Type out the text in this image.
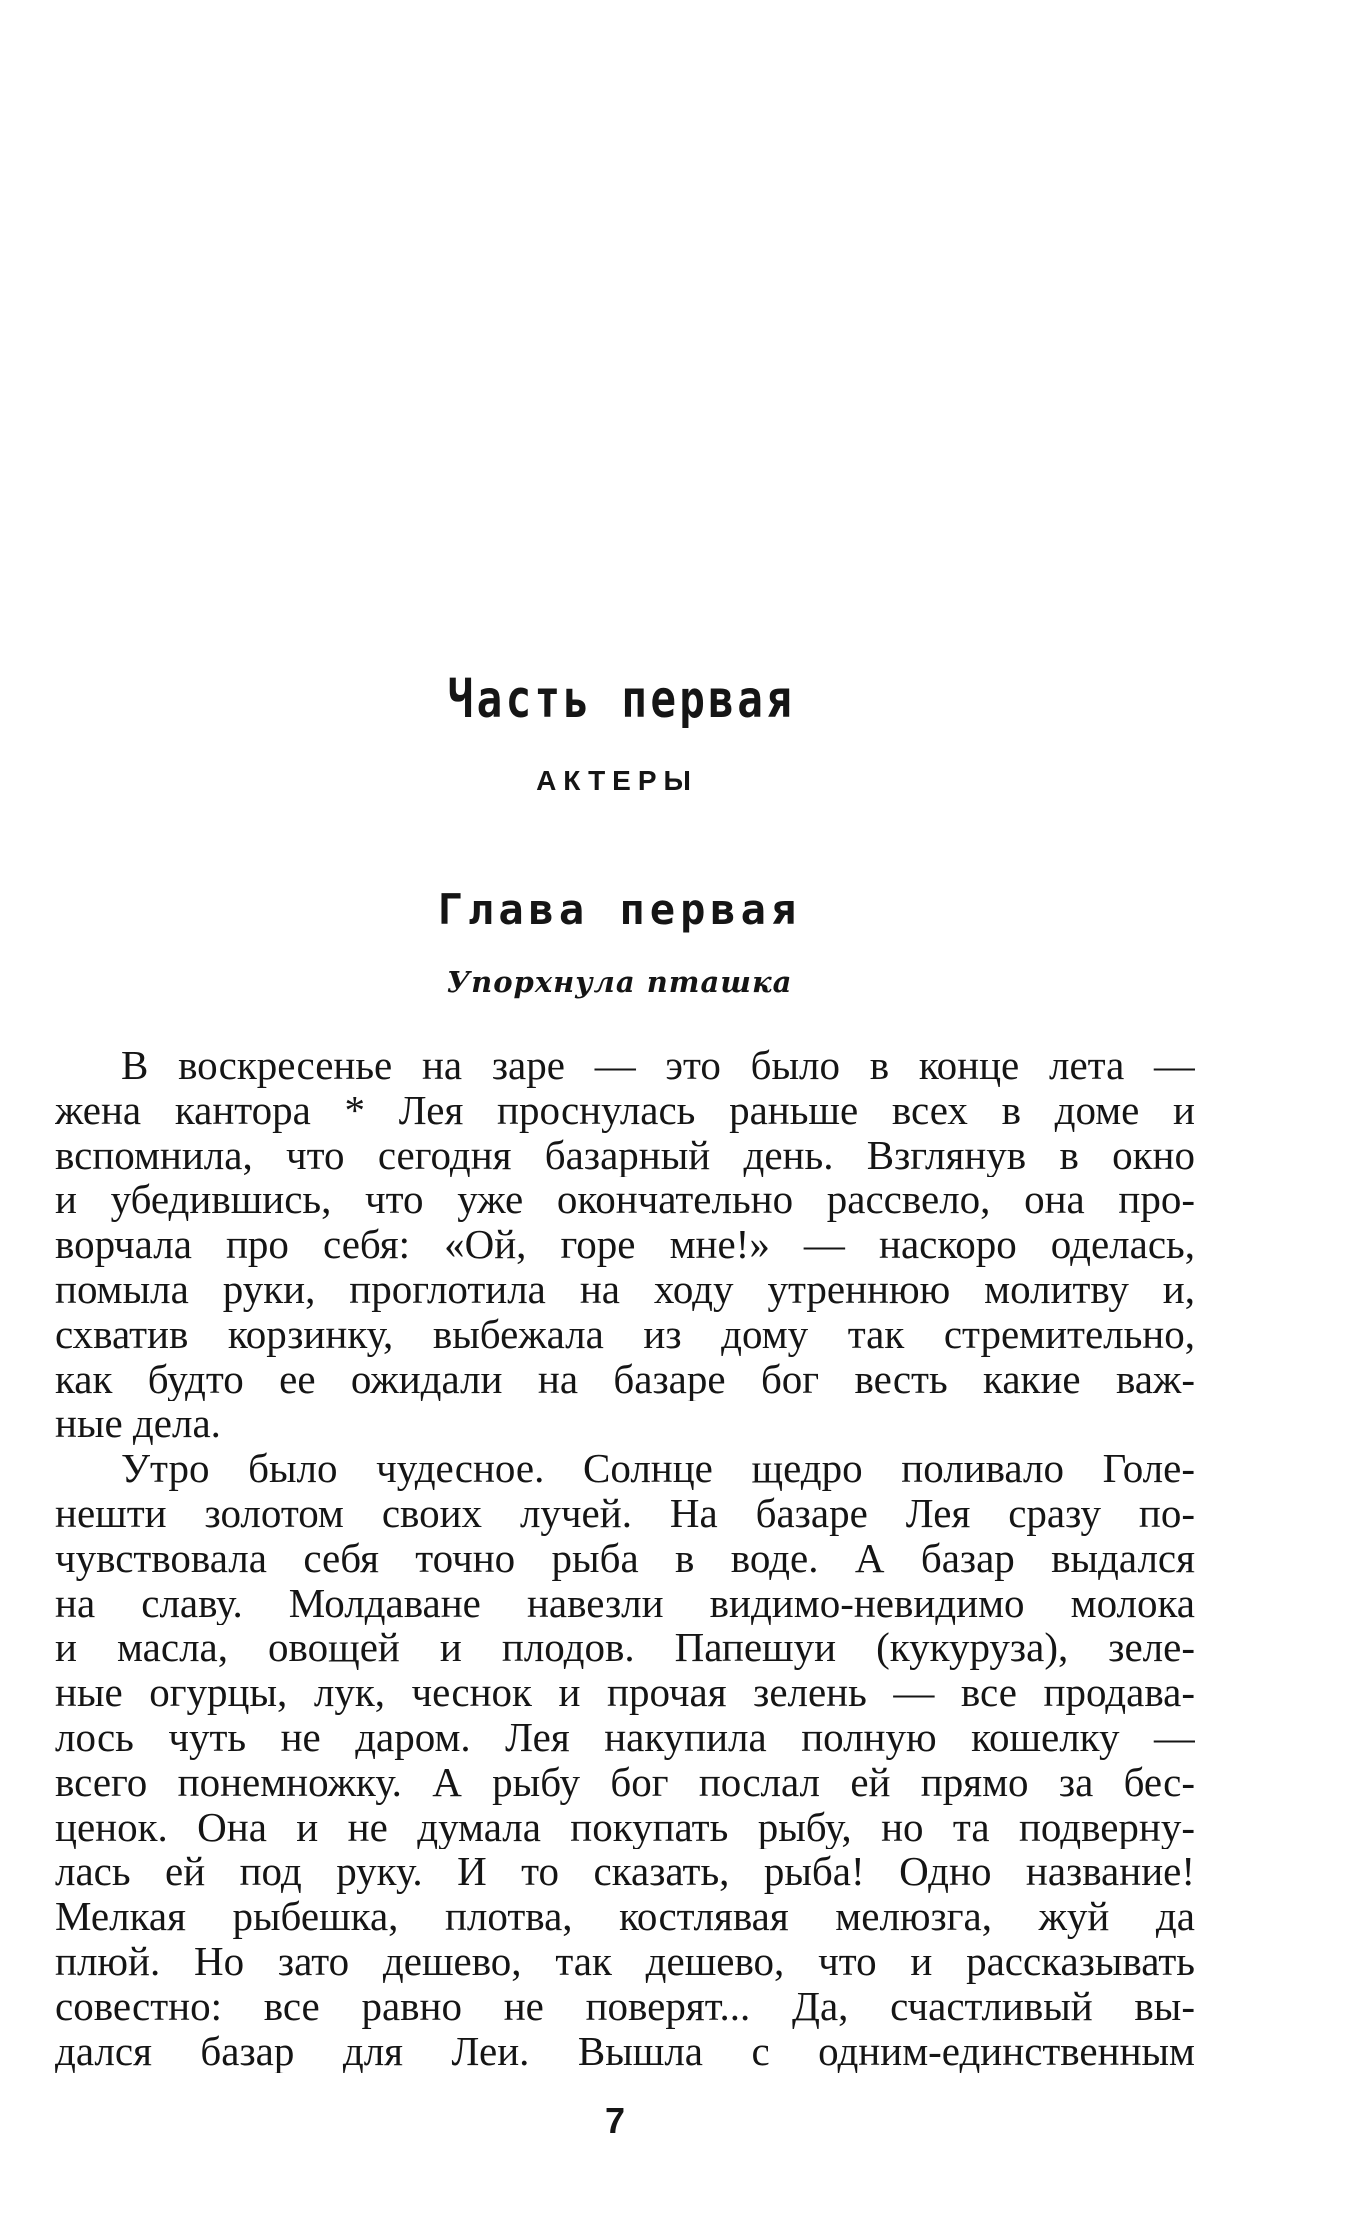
Часть первая
АКТЕРЫ
Глава первая
Упорхнула пташка
В воскресенье на заре — это было в конце лета —
жена кантора * Лея проснулась раньше всех в доме и
вспомнила, что сегодня базарный день. Взглянув в окно
и убедившись, что уже окончательно рассвело, она про-
ворчала про себя: «Ой, горе мне!» — наскоро оделась,
помыла руки, проглотила на ходу утреннюю молитву и,
схватив корзинку, выбежала из дому так стремительно,
как будто ее ожидали на базаре бог весть какие важ-
ные дела.
Утро было чудесное. Солнце щедро поливало Голе-
нешти золотом своих лучей. На базаре Лея сразу по-
чувствовала себя точно рыба в воде. А базар выдался
на славу. Молдаване навезли видимо-невидимо молока
и масла, овощей и плодов. Папешуи (кукуруза), зеле-
ные огурцы, лук, чеснок и прочая зелень — все продава-
лось чуть не даром. Лея накупила полную кошелку —
всего понемножку. А рыбу бог послал ей прямо за бес-
ценок. Она и не думала покупать рыбу, но та подверну-
лась ей под руку. И то сказать, рыба! Одно название!
Мелкая рыбешка, плотва, костлявая мелюзга, жуй да
плюй. Но зато дешево, так дешево, что и рассказывать
совестно: все равно не поверят... Да, счастливый вы-
дался базар для Леи. Вышла с одним-единственным
7
